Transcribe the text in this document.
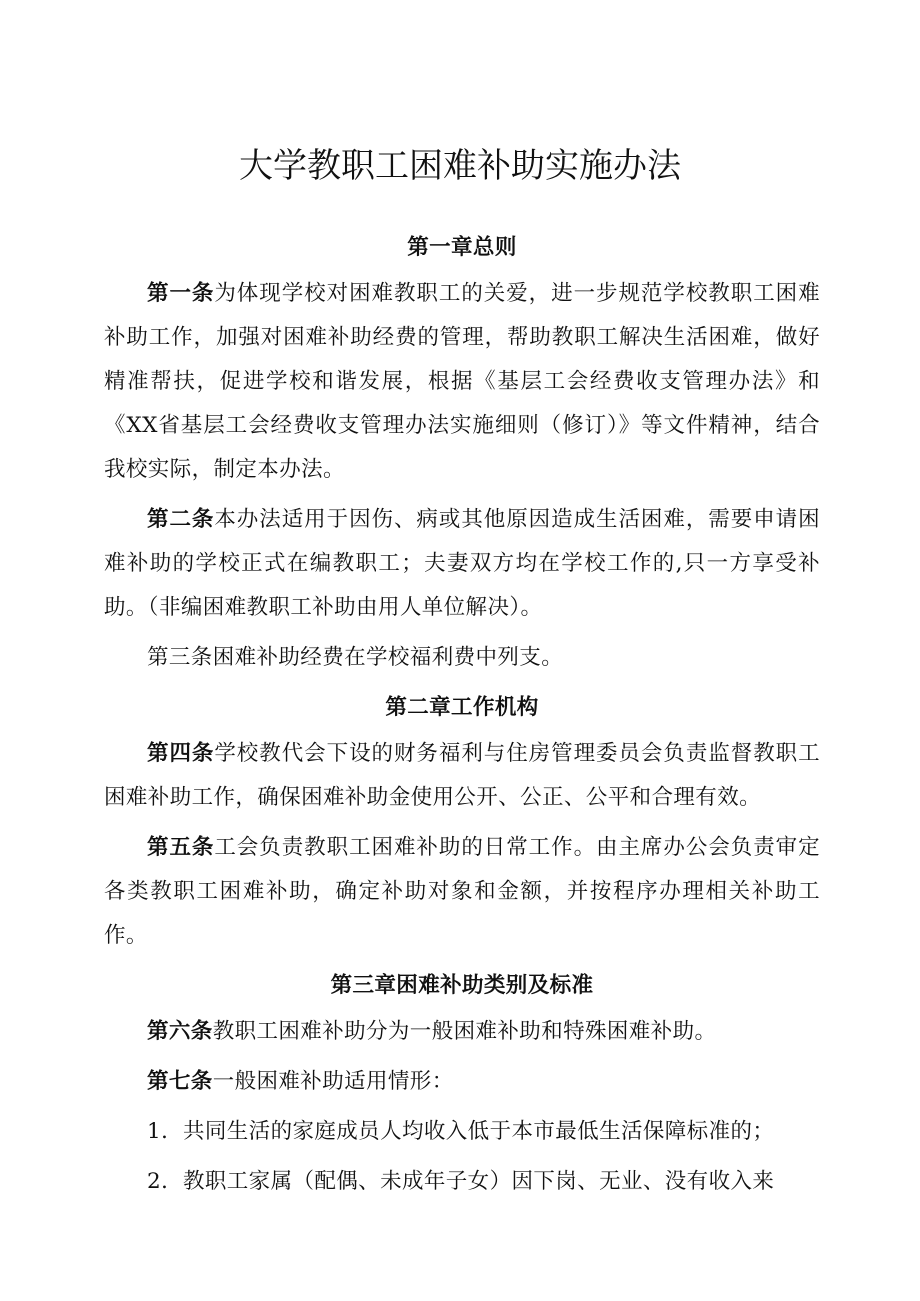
大学教职工困难补助实施办法

第一章总则

第一条为体现学校对困难教职工的关爱，进一步规范学校教职工困难补助工作，加强对困难补助经费的管理，帮助教职工解决生活困难，做好精准帮扶，促进学校和谐发展，根据《基层工会经费收支管理办法》和《XX省基层工会经费收支管理办法实施细则（修订）》等文件精神，结合我校实际，制定本办法。

第二条本办法适用于因伤、病或其他原因造成生活困难，需要申请困难补助的学校正式在编教职工；夫妻双方均在学校工作的,只一方享受补助。（非编困难教职工补助由用人单位解决）。

第三条困难补助经费在学校福利费中列支。

第二章工作机构

第四条学校教代会下设的财务福利与住房管理委员会负责监督教职工困难补助工作，确保困难补助金使用公开、公正、公平和合理有效。

第五条工会负责教职工困难补助的日常工作。由主席办公会负责审定各类教职工困难补助，确定补助对象和金额，并按程序办理相关补助工作。

第三章困难补助类别及标准

第六条教职工困难补助分为一般困难补助和特殊困难补助。

第七条一般困难补助适用情形：

1．共同生活的家庭成员人均收入低于本市最低生活保障标准的；

2．教职工家属（配偶、未成年子女）因下岗、无业、没有收入来
